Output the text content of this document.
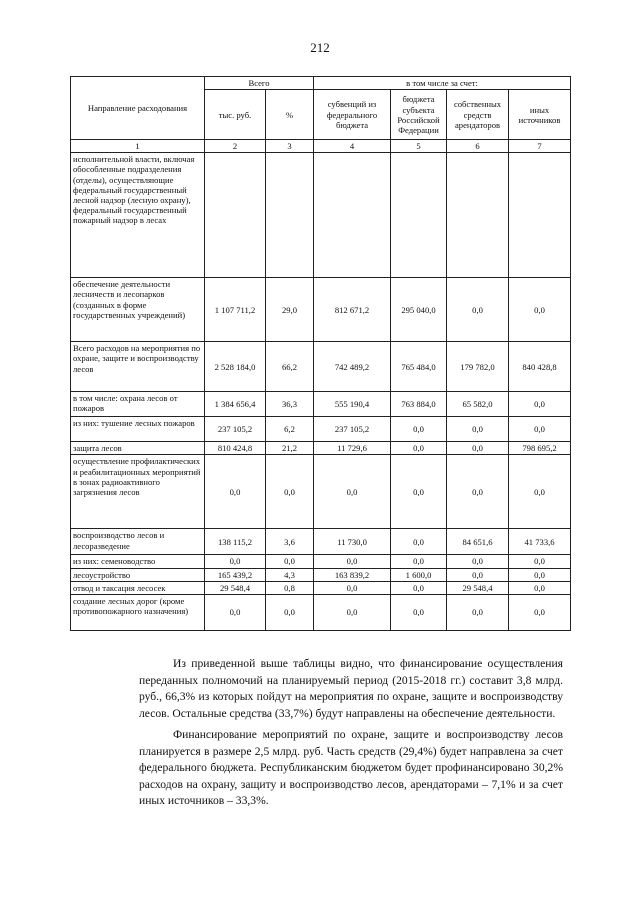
212
Направление расходования	Всего		в том числе за счет:			
	тыс. руб.	%	субвенций из федерального бюджета	бюджета субъекта Российской Федерации	собственных средств арендаторов	иных источников
1	2	3	4	5	6	7
исполнительной власти, включая обособленные подразделения (отделы), осуществляющие федеральный государственный лесной надзор (лесную охрану), федеральный государственный пожарный надзор в лесах						
обеспечение деятельности лесничеств и лесопарков (созданных в форме государственных учреждений)	1 107 711,2	29,0	812 671,2	295 040,0	0,0	0,0
Всего расходов на мероприятия по охране, защите и воспроизводству лесов	2 528 184,0	66,2	742 489,2	765 484,0	179 782,0	840 428,8
в том числе: охрана лесов от пожаров	1 384 656,4	36,3	555 190,4	763 884,0	65 582,0	0,0
из них: тушение лесных пожаров	237 105,2	6,2	237 105,2	0,0	0,0	0,0
защита лесов	810 424,8	21,2	11 729,6	0,0	0,0	798 695,2
осуществление профилактических и реабилитационных мероприятий в зонах радиоактивного загрязнения лесов	0,0	0,0	0,0	0,0	0,0	0,0
воспроизводство лесов и лесоразведение	138 115,2	3,6	11 730,0	0,0	84 651,6	41 733,6
из них: семеноводство	0,0	0,0	0,0	0,0	0,0	0,0
лесоустройство	165 439,2	4,3	163 839,2	1 600,0	0,0	0,0
отвод и таксация лесосек	29 548,4	0,8	0,0	0,0	29 548,4	0,0
создание лесных дорог (кроме противопожарного назначения)	0,0	0,0	0,0	0,0	0,0	0,0

Из приведенной выше таблицы видно, что финансирование осуществления переданных полномочий на планируемый период (2015-2018 гг.) составит 3,8 млрд. руб., 66,3% из которых пойдут на мероприятия по охране, защите и воспроизводству лесов. Остальные средства (33,7%) будут направлены на обеспечение деятельности.

Финансирование мероприятий по охране, защите и воспроизводству лесов планируется в размере 2,5 млрд. руб. Часть средств (29,4%) будет направлена за счет федерального бюджета. Республиканским бюджетом будет профинансировано 30,2% расходов на охрану, защиту и воспроизводство лесов, арендаторами – 7,1% и за счет иных источников – 33,3%.
